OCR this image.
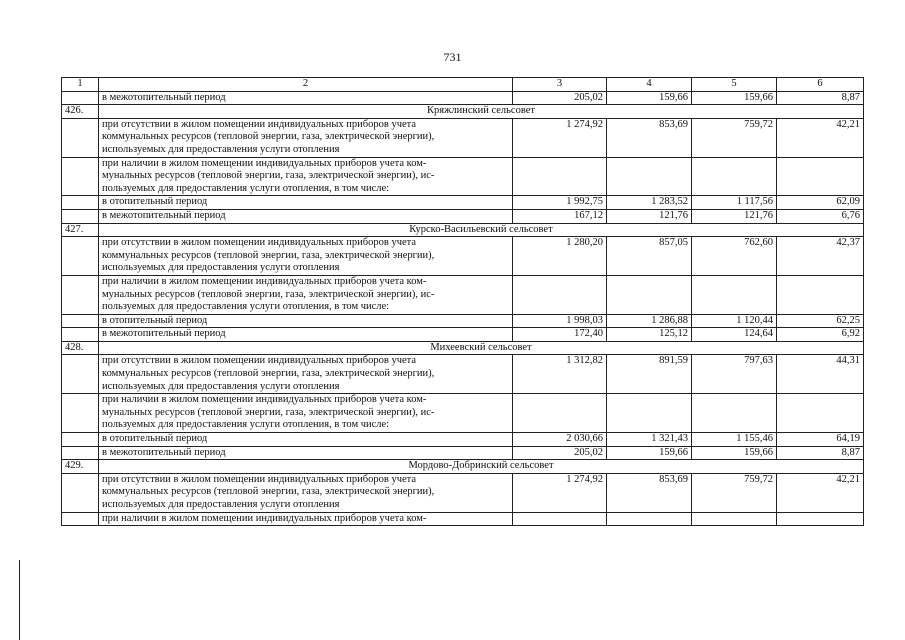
731
1	2	3	4	5	6

	в межотопительный период	205,02	159,66	159,66	8,87
426.	Кряжлинский сельсовет				

	при отсутствии в жилом помещении индивидуальных приборов учета
коммунальных ресурсов (тепловой энергии, газа, электрической энергии),
используемых для предоставления услуги отопления	1 274,92	853,69	759,72	42,21

	при наличии в жилом помещении индивидуальных приборов учета ком-
мунальных ресурсов (тепловой энергии, газа, электрической энергии), ис-
пользуемых для предоставления услуги отопления, в том числе:				

	в отопительный период	1 992,75	1 283,52	1 117,56	62,09

	в межотопительный период	167,12	121,76	121,76	6,76
427.	Курско-Васильевский сельсовет				

	при отсутствии в жилом помещении индивидуальных приборов учета
коммунальных ресурсов (тепловой энергии, газа, электрической энергии),
используемых для предоставления услуги отопления	1 280,20	857,05	762,60	42,37

	при наличии в жилом помещении индивидуальных приборов учета ком-
мунальных ресурсов (тепловой энергии, газа, электрической энергии), ис-
пользуемых для предоставления услуги отопления, в том числе:				

	в отопительный период	1 998,03	1 286,88	1 120,44	62,25

	в межотопительный период	172,40	125,12	124,64	6,92
428.	Михеевский сельсовет				

	при отсутствии в жилом помещении индивидуальных приборов учета
коммунальных ресурсов (тепловой энергии, газа, электрической энергии),
используемых для предоставления услуги отопления	1 312,82	891,59	797,63	44,31

	при наличии в жилом помещении индивидуальных приборов учета ком-
мунальных ресурсов (тепловой энергии, газа, электрической энергии), ис-
пользуемых для предоставления услуги отопления, в том числе:				

	в отопительный период	2 030,66	1 321,43	1 155,46	64,19

	в межотопительный период	205,02	159,66	159,66	8,87
429.	Мордово-Добринский сельсовет				

	при отсутствии в жилом помещении индивидуальных приборов учета
коммунальных ресурсов (тепловой энергии, газа, электрической энергии),
используемых для предоставления услуги отопления	1 274,92	853,69	759,72	42,21

	при наличии в жилом помещении индивидуальных приборов учета ком-				
